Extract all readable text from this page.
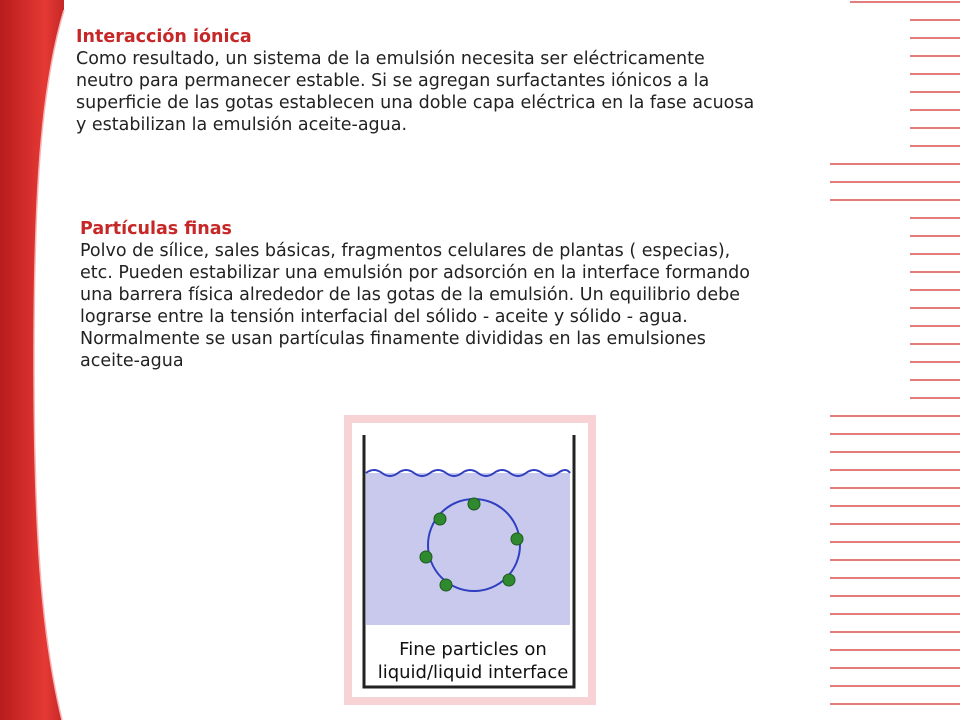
Interacción iónica
Como resultado, un sistema de la emulsión necesita ser eléctricamente
neutro para permanecer estable. Si se agregan surfactantes iónicos a la
superficie de las gotas establecen una doble capa eléctrica en la fase acuosa
y estabilizan la emulsión aceite-agua.
Partículas finas
Polvo de sílice, sales básicas, fragmentos celulares de plantas ( especias),
etc. Pueden estabilizar una emulsión por adsorción en la interface formando
una barrera física alrededor de las gotas de la emulsión. Un equilibrio debe
lograrse entre la tensión interfacial del sólido - aceite y sólido - agua.
Normalmente se usan partículas finamente divididas en las emulsiones
aceite-agua
Fine particles on
liquid/liquid interface
